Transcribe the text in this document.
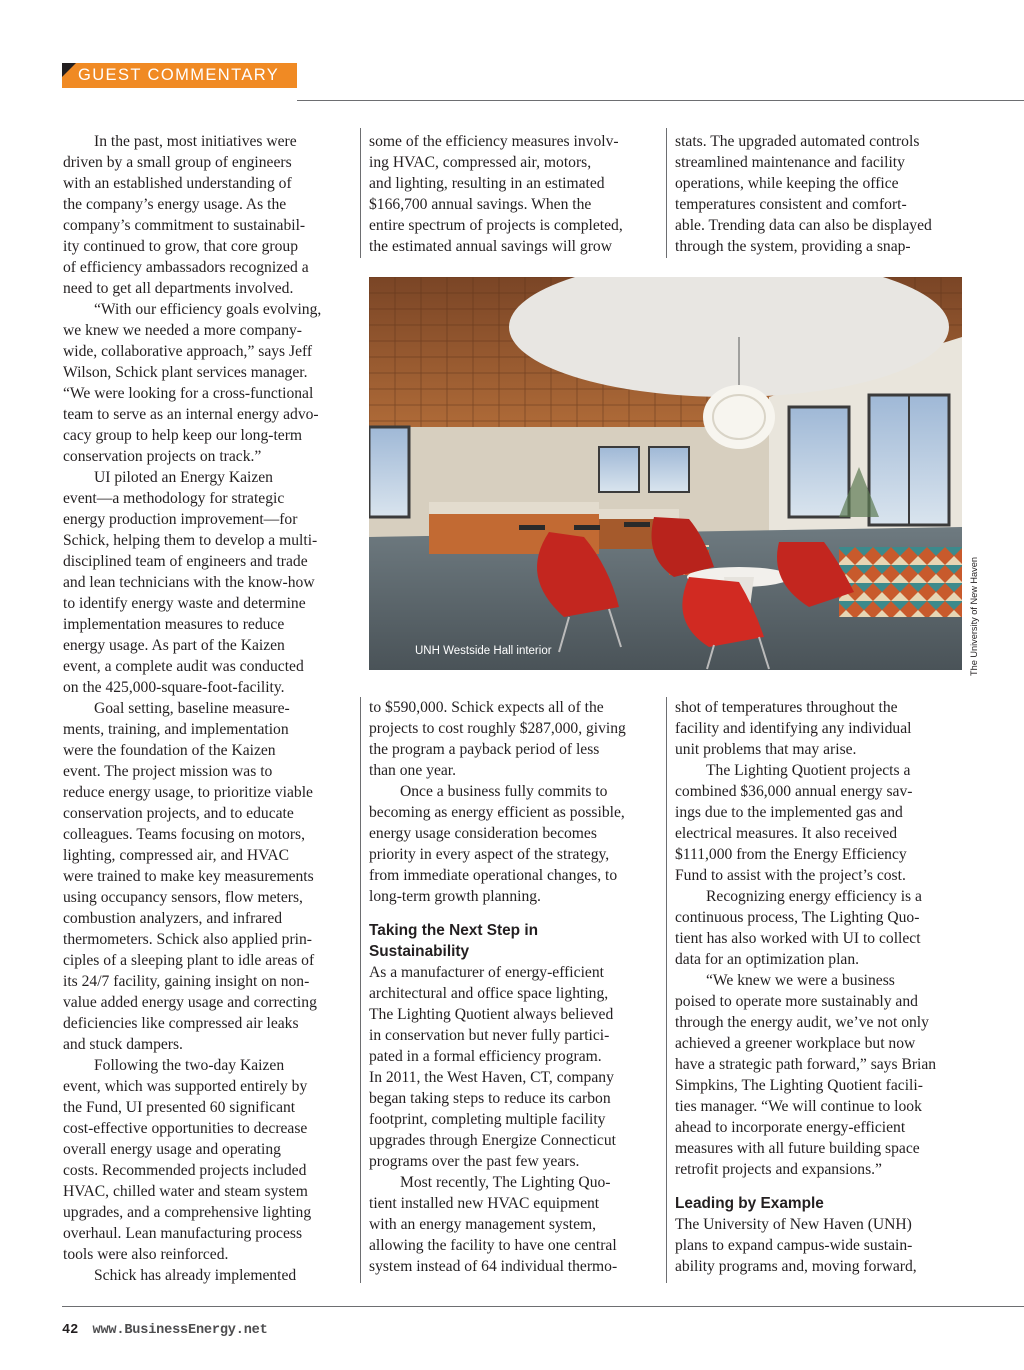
GUEST COMMENTARY

In the past, most initiatives were
driven by a small group of engineers
with an established understanding of
the company’s energy usage. As the
company’s commitment to sustainabil-
ity continued to grow, that core group
of efficiency ambassadors recognized a
need to get all departments involved.

“With our efficiency goals evolving,
we knew we needed a more company-
wide, collaborative approach,” says Jeff
Wilson, Schick plant services manager.
“We were looking for a cross-functional
team to serve as an internal energy advo-
cacy group to help keep our long-term
conservation projects on track.”

UI piloted an Energy Kaizen
event—a methodology for strategic
energy production improvement—for
Schick, helping them to develop a multi-
disciplined team of engineers and trade
and lean technicians with the know-how
to identify energy waste and determine
implementation measures to reduce
energy usage. As part of the Kaizen
event, a complete audit was conducted
on the 425,000-square-foot-facility.

Goal setting, baseline measure-
ments, training, and implementation
were the foundation of the Kaizen
event. The project mission was to
reduce energy usage, to prioritize viable
conservation projects, and to educate
colleagues. Teams focusing on motors,
lighting, compressed air, and HVAC
were trained to make key measurements
using occupancy sensors, flow meters,
combustion analyzers, and infrared
thermometers. Schick also applied prin-
ciples of a sleeping plant to idle areas of
its 24/7 facility, gaining insight on non-
value added energy usage and correcting
deficiencies like compressed air leaks
and stuck dampers.

Following the two-day Kaizen
event, which was supported entirely by
the Fund, UI presented 60 significant
cost-effective opportunities to decrease
overall energy usage and operating
costs. Recommended projects included
HVAC, chilled water and steam system
upgrades, and a comprehensive lighting
overhaul. Lean manufacturing process
tools were also reinforced.

Schick has already implemented

some of the efficiency measures involv-
ing HVAC, compressed air, motors,
and lighting, resulting in an estimated
$166,700 annual savings. When the
entire spectrum of projects is completed,
the estimated annual savings will grow

stats. The upgraded automated controls
streamlined maintenance and facility
operations, while keeping the office
temperatures consistent and comfort-
able. Trending data can also be displayed
through the system, providing a snap-

to $590,000. Schick expects all of the
projects to cost roughly $287,000, giving
the program a payback period of less
than one year.

Once a business fully commits to
becoming as energy efficient as possible,
energy usage consideration becomes
priority in every aspect of the strategy,
from immediate operational changes, to
long-term growth planning.

Taking the Next Step in Sustainability

As a manufacturer of energy-efficient
architectural and office space lighting,
The Lighting Quotient always believed
in conservation but never fully partici-
pated in a formal efficiency program.
In 2011, the West Haven, CT, company
began taking steps to reduce its carbon
footprint, completing multiple facility
upgrades through Energize Connecticut
programs over the past few years.

Most recently, The Lighting Quo-
tient installed new HVAC equipment
with an energy management system,
allowing the facility to have one central
system instead of 64 individual thermo-

shot of temperatures throughout the
facility and identifying any individual
unit problems that may arise.

The Lighting Quotient projects a
combined $36,000 annual energy sav-
ings due to the implemented gas and
electrical measures. It also received
$111,000 from the Energy Efficiency
Fund to assist with the project’s cost.

Recognizing energy efficiency is a
continuous process, The Lighting Quo-
tient has also worked with UI to collect
data for an optimization plan.

“We knew we were a business
poised to operate more sustainably and
through the energy audit, we’ve not only
achieved a greener workplace but now
have a strategic path forward,” says Brian
Simpkins, The Lighting Quotient facili-
ties manager. “We will continue to look
ahead to incorporate energy-efficient
measures with all future building space
retrofit projects and expansions.”

Leading by Example

The University of New Haven (UNH)
plans to expand campus-wide sustain-
ability programs and, moving forward,

UNH Westside Hall interior	The University of New Haven
42 www.BusinessEnergy.net
